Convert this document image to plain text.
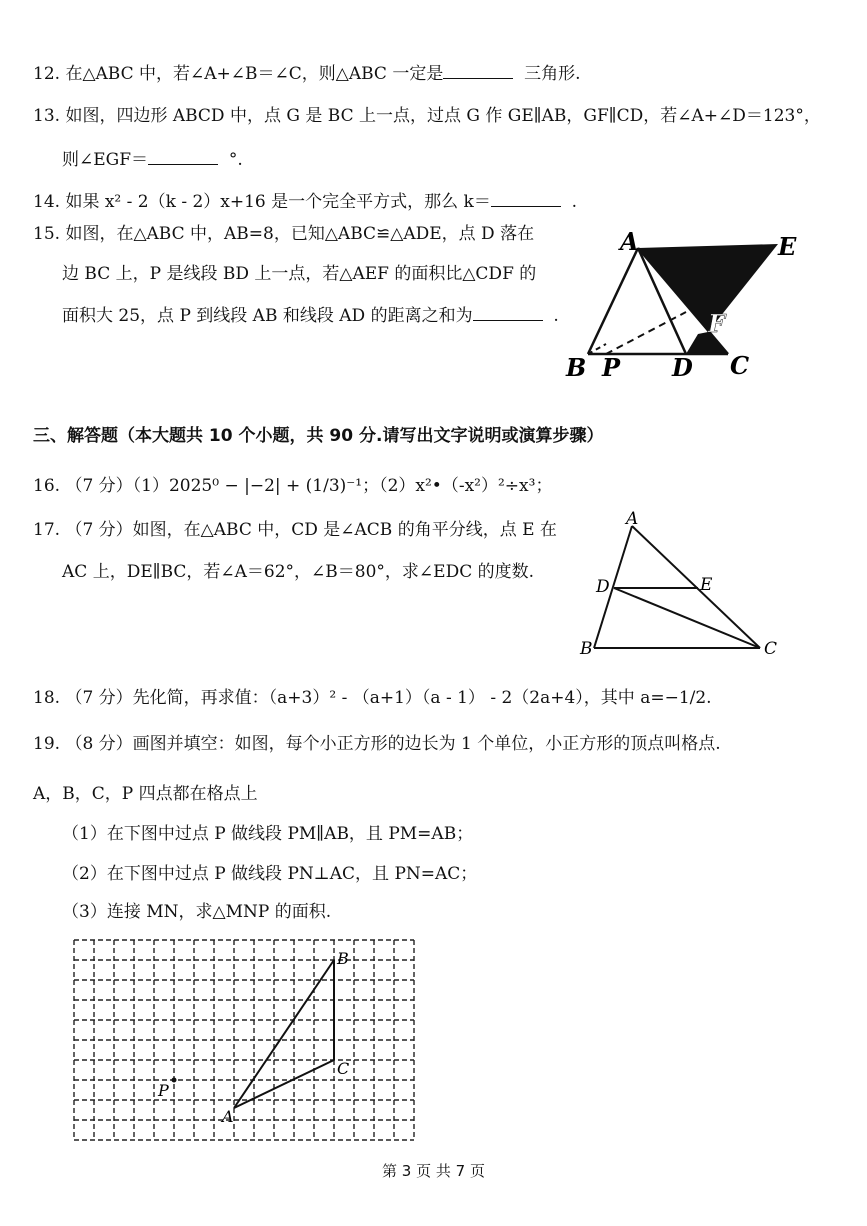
12. 在△ABC 中，若∠A+∠B＝∠C，则△ABC 一定是	三角形.
13. 如图，四边形 ABCD 中，点 G 是 BC 上一点，过点 G 作 GE∥AB，GF∥CD，若∠A+∠D＝123°，
则∠EGF＝	°.
14. 如果 x² - 2（k - 2）x+16 是一个完全平方式，那么 k＝	.
15. 如图，在△ABC 中，AB=8，已知△ABC≌△ADE，点 D 落在
边 BC 上，P 是线段 BD 上一点，若△AEF 的面积比△CDF 的
面积大 25，点 P 到线段 AB 和线段 AD 的距离之和为	.
A	E
F
B P D C
三、解答题（本大题共 10 个小题，共 90 分.请写出文字说明或演算步骤）
16. （7 分）（1）2025⁰ − |−2| + (1/3)⁻¹；（2）x²•（-x²）²÷x³；
17. （7 分）如图，在△ABC 中，CD 是∠ACB 的角平分线，点 E 在
AC 上，DE∥BC，若∠A＝62°，∠B＝80°，求∠EDC 的度数.
A
D	E
B	C
18. （7 分）先化简，再求值：（a+3）² - （a+1）（a - 1） - 2（2a+4），其中 a=−1/2.
19. （8 分）画图并填空：如图，每个小正方形的边长为 1 个单位，小正方形的顶点叫格点.
A，B，C，P 四点都在格点上
（1）在下图中过点 P 做线段 PM∥AB，且 PM=AB；
（2）在下图中过点 P 做线段 PN⊥AC，且 PN=AC；
（3）连接 MN，求△MNP 的面积.
A
B
C
P
第 3 页 共 7 页
